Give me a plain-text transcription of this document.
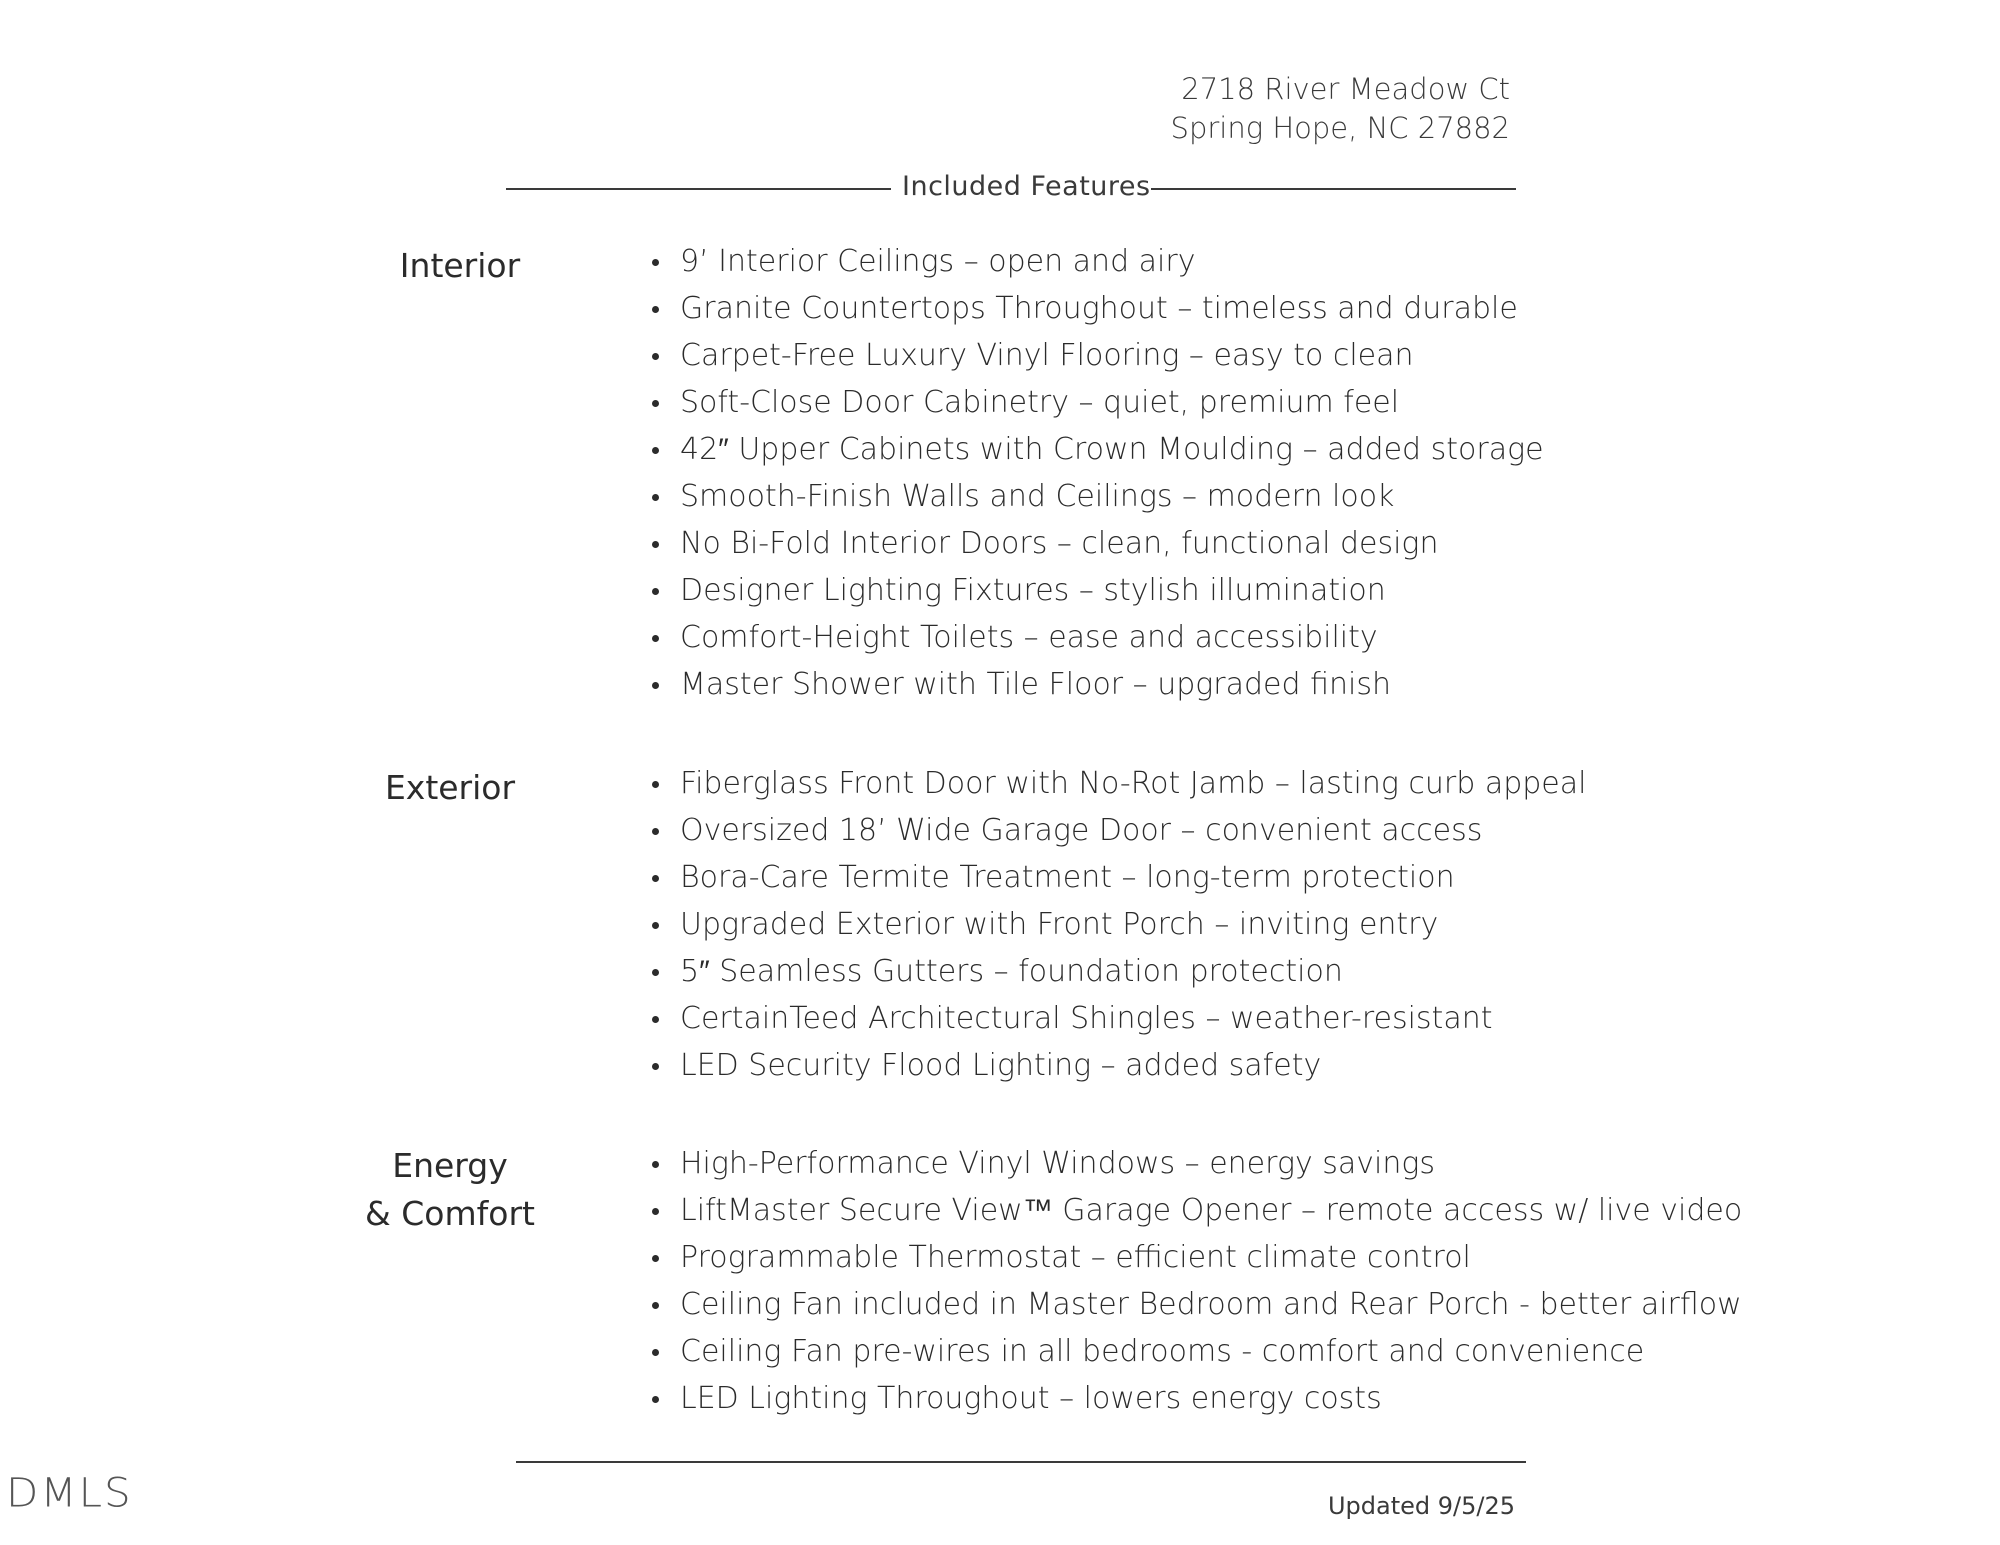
2718 River Meadow Ct
Spring Hope, NC 27882
Included Features
Interior	9’ Interior Ceilings – open and airy
Granite Countertops Throughout – timeless and durable
Carpet-Free Luxury Vinyl Flooring – easy to clean
Soft-Close Door Cabinetry – quiet, premium feel
42″ Upper Cabinets with Crown Moulding – added storage
Smooth-Finish Walls and Ceilings – modern look
No Bi-Fold Interior Doors – clean, functional design
Designer Lighting Fixtures – stylish illumination
Comfort-Height Toilets – ease and accessibility
Master Shower with Tile Floor – upgraded finish
Exterior	Fiberglass Front Door with No-Rot Jamb – lasting curb appeal
Oversized 18’ Wide Garage Door – convenient access
Bora-Care Termite Treatment – long-term protection
Upgraded Exterior with Front Porch – inviting entry
5″ Seamless Gutters – foundation protection
CertainTeed Architectural Shingles – weather-resistant
LED Security Flood Lighting – added safety
Energy
& Comfort
High-Performance Vinyl Windows – energy savings
LiftMaster Secure View™ Garage Opener – remote access w/ live video
Programmable Thermostat – efficient climate control
Ceiling Fan included in Master Bedroom and Rear Porch - better airflow
Ceiling Fan pre-wires in all bedrooms - comfort and convenience
LED Lighting Throughout – lowers energy costs
Updated 9/5/25
DMLS
